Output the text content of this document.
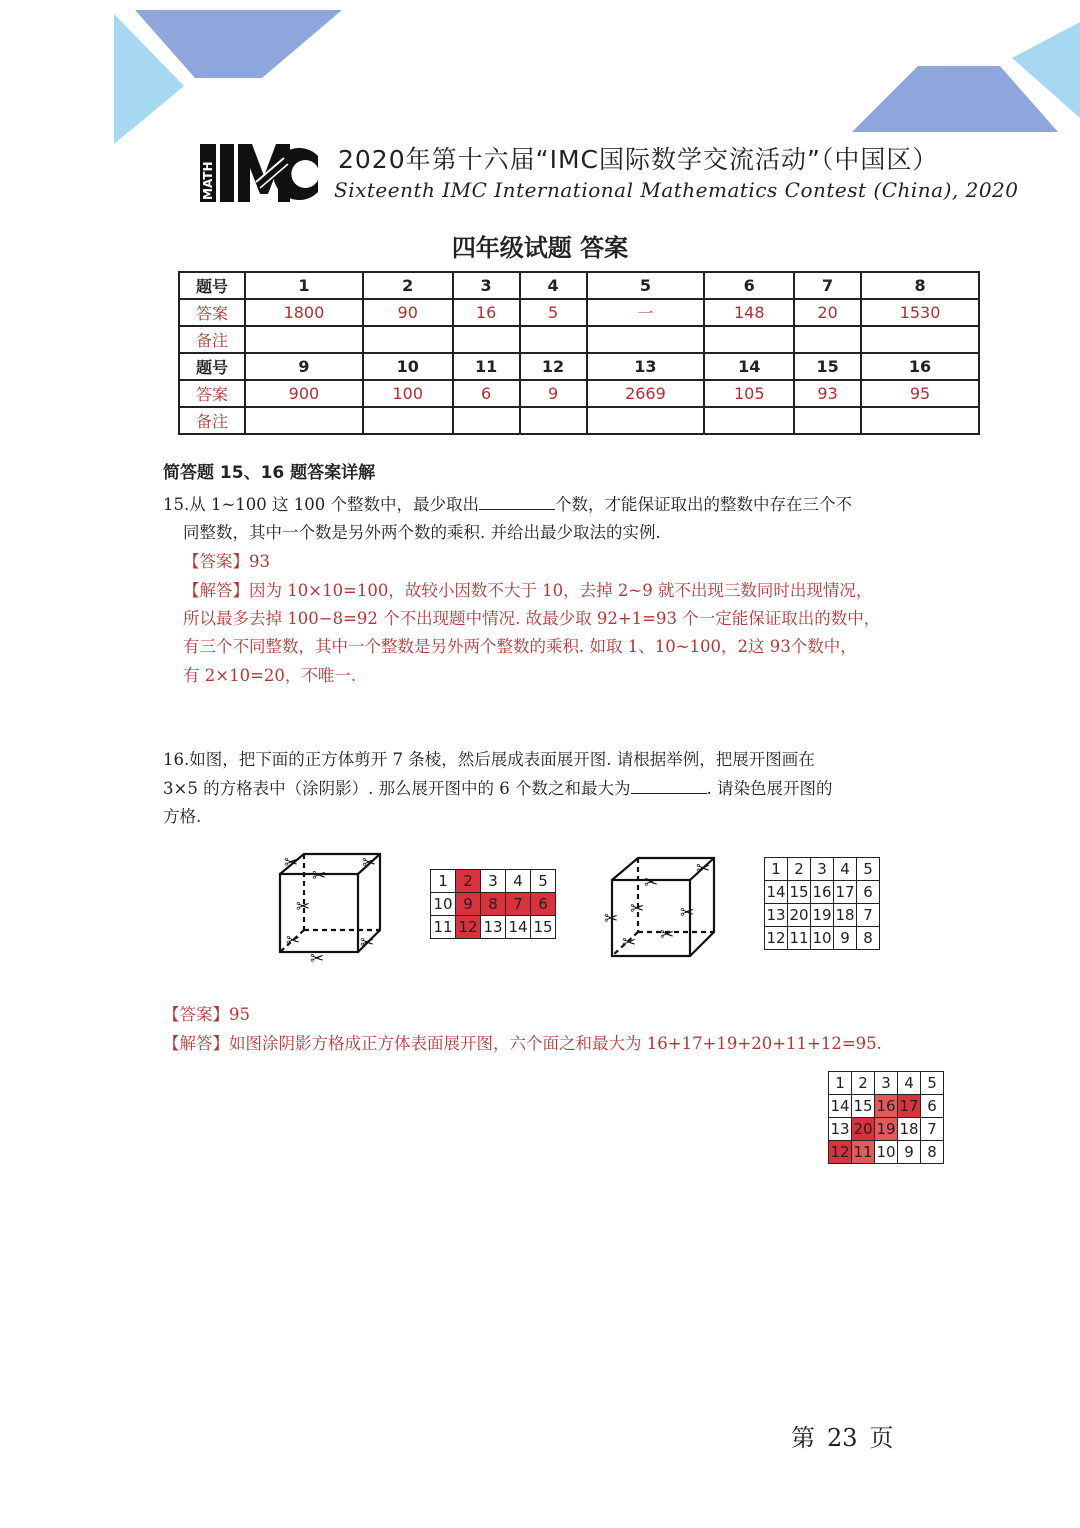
MATH
2020年第十六届“IMC国际数学交流活动”（中国区）
Sixteenth IMC International Mathematics Contest (China), 2020
四年级试题 答案
题号	1	2	3	4	5	6	7	8
答案	1800	90	16	5	一	148	20	1530
备注								
题号	9	10	11	12	13	14	15	16
答案	900	100	6	9	2669	105	93	95
备注								
简答题 15、16 题答案详解
15.从 1~100 这 100 个整数中，最少取出	个数，才能保证取出的整数中存在三个不
同整数，其中一个数是另外两个数的乘积. 并给出最少取法的实例.
【答案】93
【解答】因为 10×10=100，故较小因数不大于 10，去掉 2~9 就不出现三数同时出现情况，
所以最多去掉 100−8=92 个不出现题中情况. 故最少取 92+1=93 个一定能保证取出的数中，
有三个不同整数，其中一个整数是另外两个整数的乘积. 如取 1、10~100，2这 93个数中，
有 2×10=20，不唯一.
16.如图，把下面的正方体剪开 7 条棱，然后展成表面展开图. 请根据举例，把展开图画在
3×5 的方格表中（涂阴影）. 那么展开图中的 6 个数之和最大为	. 请染色展开图的
方格.
✂
✂
✂
✂
✂
✂
✂
1	2	3	4	5
10	9	8	7	6
11	12	13	14	15
✂
✂
✂
✂	✂
✂ ✂
1	2	3	4	5
14	15	16	17	6
13	20	19	18	7
12	11	10	9	8
【答案】95
【解答】如图涂阴影方格成正方体表面展开图，六个面之和最大为 16+17+19+20+11+12=95.
1	2	3	4	5
14	15	16	17	6
13	20	19	18	7
12	11	10	9	8
第 23 页
